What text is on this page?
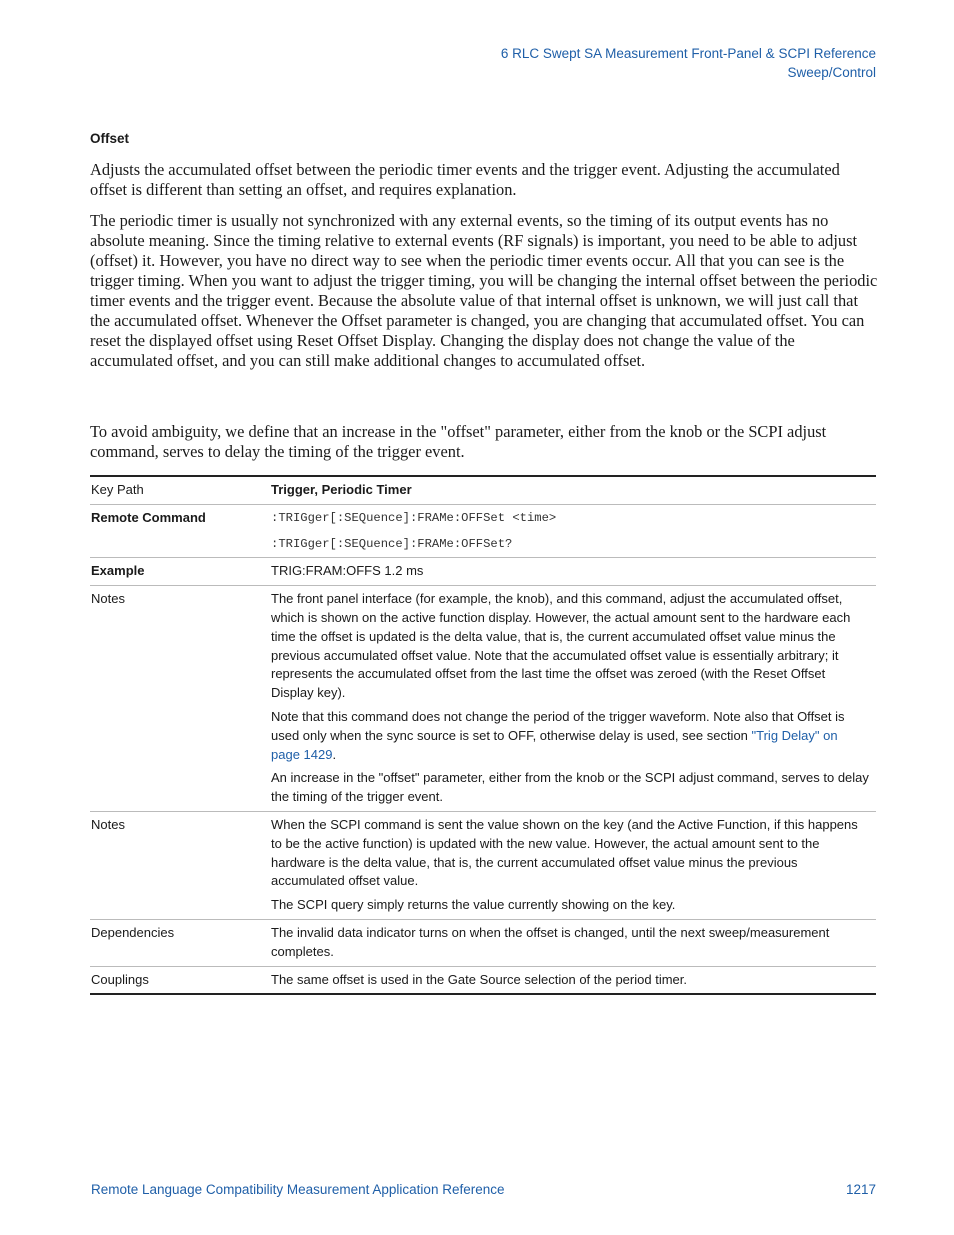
6 RLC Swept SA Measurement Front-Panel & SCPI Reference
Sweep/Control
Offset

Adjusts the accumulated offset between the periodic timer events and the trigger event. Adjusting the accumulated offset is different than setting an offset, and requires explanation.

The periodic timer is usually not synchronized with any external events, so the timing of its output events has no absolute meaning. Since the timing relative to external events (RF signals) is important, you need to be able to adjust (offset) it. However, you have no direct way to see when the periodic timer events occur. All that you can see is the trigger timing. When you want to adjust the trigger timing, you will be changing the internal offset between the periodic timer events and the trigger event. Because the absolute value of that internal offset is unknown, we will just call that the accumulated offset. Whenever the Offset parameter is changed, you are changing that accumulated offset. You can reset the displayed offset using Reset Offset Display. Changing the display does not change the value of the accumulated offset, and you can still make additional changes to accumulated offset.

To avoid ambiguity, we define that an increase in the "offset" parameter, either from the knob or the SCPI adjust command, serves to delay the timing of the trigger event.

Key Path	Trigger, Periodic Timer
Remote Command	:TRIGger[:SEQuence]:FRAMe:OFFSet <time>

:TRIGger[:SEQuence]:FRAMe:OFFSet?

Example	TRIG:FRAM:OFFS 1.2 ms
Notes	The front panel interface (for example, the knob), and this command, adjust the accumulated offset, which is shown on the active function display. However, the actual amount sent to the hardware each time the offset is updated is the delta value, that is, the current accumulated offset value minus the previous accumulated offset value. Note that the accumulated offset value is essentially arbitrary; it represents the accumulated offset from the last time the offset was zeroed (with the Reset Offset Display key).

Note that this command does not change the period of the trigger waveform. Note also that Offset is used only when the sync source is set to OFF, otherwise delay is used, see section "Trig Delay" on page 1429.

An increase in the "offset" parameter, either from the knob or the SCPI adjust command, serves to delay the timing of the trigger event.

Notes	When the SCPI command is sent the value shown on the key (and the Active Function, if this happens to be the active function) is updated with the new value. However, the actual amount sent to the hardware is the delta value, that is, the current accumulated offset value minus the previous accumulated offset value.

The SCPI query simply returns the value currently showing on the key.

Dependencies	The invalid data indicator turns on when the offset is changed, until the next sweep/measurement completes.
Couplings	The same offset is used in the Gate Source selection of the period timer.
Remote Language Compatibility Measurement Application Reference	1217
